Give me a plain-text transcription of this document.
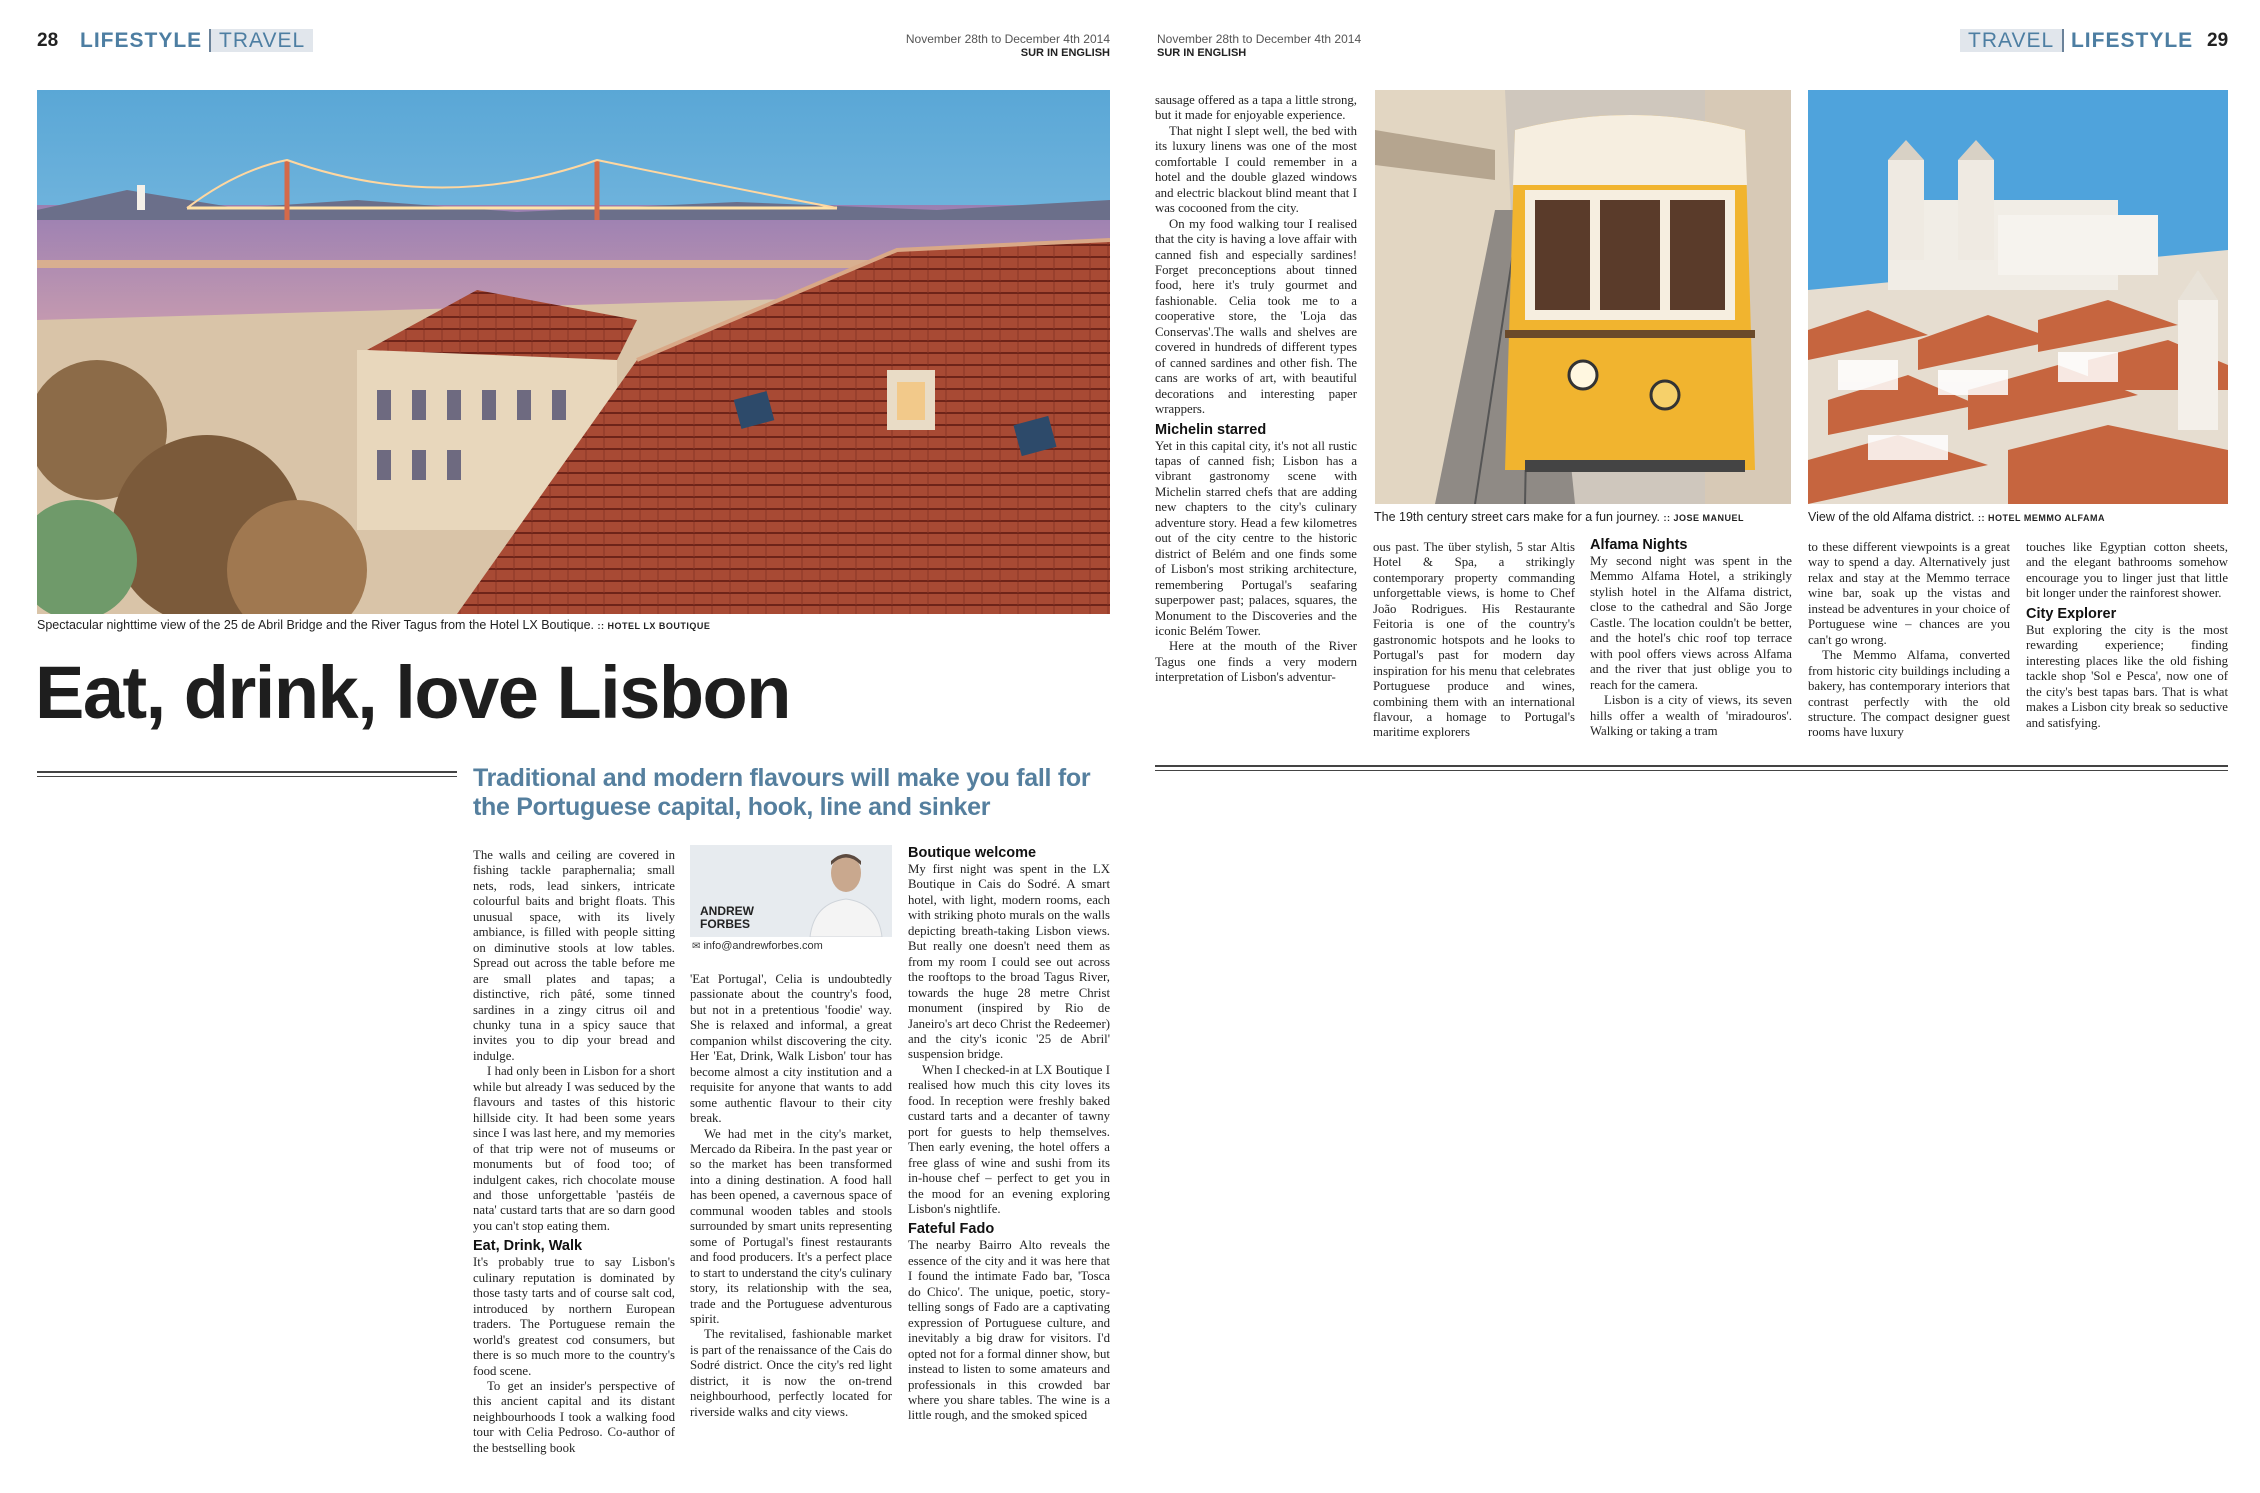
28 LIFESTYLE TRAVEL	November 28th to December 4th 2014
SUR IN ENGLISH
November 28th to December 4th 2014
SUR IN ENGLISH
TRAVEL LIFESTYLE 29
Spectacular nighttime view of the 25 de Abril Bridge and the River Tagus from the Hotel LX Boutique. :: HOTEL LX BOUTIQUE
Eat, drink, love Lisbon
Traditional and modern flavours will make you fall for the Portuguese capital, hook, line and sinker

The walls and ceiling are covered in fishing tackle paraphernalia; small nets, rods, lead sinkers, intricate colourful baits and bright floats. This unusual space, with its lively ambiance, is filled with people sitting on diminutive stools at low tables. Spread out across the table before me are small plates and tapas; a distinctive, rich pâté, some tinned sardines in a zingy citrus oil and chunky tuna in a spicy sauce that invites you to dip your bread and indulge.

I had only been in Lisbon for a short while but already I was seduced by the flavours and tastes of this historic hillside city. It had been some years since I was last here, and my memories of that trip were not of museums or monuments but of food too; of indulgent cakes, rich chocolate mouse and those unforgettable 'pastéis de nata' custard tarts that are so darn good you can't stop eating them.

Eat, Drink, Walk

It's probably true to say Lisbon's culinary reputation is dominated by those tasty tarts and of course salt cod, introduced by northern European traders. The Portuguese remain the world's greatest cod consumers, but there is so much more to the country's food scene.

To get an insider's perspective of this ancient capital and its distant neighbourhoods I took a walking food tour with Celia Pedroso. Co-author of the bestselling book

ANDREW
FORBES
✉ info@andrewforbes.com

'Eat Portugal', Celia is undoubtedly passionate about the country's food, but not in a pretentious 'foodie' way. She is relaxed and informal, a great companion whilst discovering the city. Her 'Eat, Drink, Walk Lisbon' tour has become almost a city institution and a requisite for anyone that wants to add some authentic flavour to their city break.

We had met in the city's market, Mercado da Ribeira. In the past year or so the market has been transformed into a dining destination. A food hall has been opened, a cavernous space of communal wooden tables and stools surrounded by smart units representing some of Portugal's finest restaurants and food producers. It's a perfect place to start to understand the city's culinary story, its relationship with the sea, trade and the Portuguese adventurous spirit.

The revitalised, fashionable market is part of the renaissance of the Cais do Sodré district. Once the city's red light district, it is now the on-trend neighbourhood, perfectly located for riverside walks and city views.

Boutique welcome

My first night was spent in the LX Boutique in Cais do Sodré. A smart hotel, with light, modern rooms, each with striking photo murals on the walls depicting breath-taking Lisbon views. But really one doesn't need them as from my room I could see out across the rooftops to the broad Tagus River, towards the huge 28 metre Christ monument (inspired by Rio de Janeiro's art deco Christ the Redeemer) and the city's iconic '25 de Abril' suspension bridge.

When I checked-in at LX Boutique I realised how much this city loves its food. In reception were freshly baked custard tarts and a decanter of tawny port for guests to help themselves. Then early evening, the hotel offers a free glass of wine and sushi from its in-house chef – perfect to get you in the mood for an evening exploring Lisbon's nightlife.

Fateful Fado

The nearby Bairro Alto reveals the essence of the city and it was here that I found the intimate Fado bar, 'Tosca do Chico'. The unique, poetic, story-telling songs of Fado are a captivating expression of Portuguese culture, and inevitably a big draw for visitors. I'd opted not for a formal dinner show, but instead to listen to some amateurs and professionals in this crowded bar where you share tables. The wine is a little rough, and the smoked spiced

sausage offered as a tapa a little strong, but it made for enjoyable experience.

That night I slept well, the bed with its luxury linens was one of the most comfortable I could remember in a hotel and the double glazed windows and electric blackout blind meant that I was cocooned from the city.

On my food walking tour I realised that the city is having a love affair with canned fish and especially sardines! Forget preconceptions about tinned food, here it's truly gourmet and fashionable. Celia took me to a cooperative store, the 'Loja das Conservas'.The walls and shelves are covered in hundreds of different types of canned sardines and other fish. The cans are works of art, with beautiful decorations and interesting paper wrappers.

Michelin starred

Yet in this capital city, it's not all rustic tapas of canned fish; Lisbon has a vibrant gastronomy scene with Michelin starred chefs that are adding new chapters to the city's culinary adventure story. Head a few kilometres out of the city centre to the historic district of Belém and one finds some of Lisbon's most striking architecture, remembering Portugal's seafaring superpower past; palaces, squares, the Monument to the Discoveries and the iconic Belém Tower.

Here at the mouth of the River Tagus one finds a very modern interpretation of Lisbon's adventur-

The 19th century street cars make for a fun journey. :: JOSE MANUEL	View of the old Alfama district. :: HOTEL MEMMO ALFAMA

ous past. The über stylish, 5 star Altis Hotel & Spa, a strikingly contemporary property commanding unforgettable views, is home to Chef João Rodrigues. His Restaurante Feitoria is one of the country's gastronomic hotspots and he looks to Portugal's past for modern day inspiration for his menu that celebrates Portuguese produce and wines, combining them with an international flavour, a homage to Portugal's maritime explorers

Alfama Nights

My second night was spent in the Memmo Alfama Hotel, a strikingly stylish hotel in the Alfama district, close to the cathedral and São Jorge Castle. The location couldn't be better, and the hotel's chic roof top terrace with pool offers views across Alfama and the river that just oblige you to reach for the camera.

Lisbon is a city of views, its seven hills offer a wealth of 'miradouros'. Walking or taking a tram

to these different viewpoints is a great way to spend a day. Alternatively just relax and stay at the Memmo terrace wine bar, soak up the vistas and instead be adventures in your choice of Portuguese wine – chances are you can't go wrong.

The Memmo Alfama, converted from historic city buildings including a bakery, has contemporary interiors that contrast perfectly with the old structure. The compact designer guest rooms have luxury

touches like Egyptian cotton sheets, and the elegant bathrooms somehow encourage you to linger just that little bit longer under the rainforest shower.

City Explorer

But exploring the city is the most rewarding experience; finding interesting places like the old fishing tackle shop 'Sol e Pesca', now one of the city's best tapas bars. That is what makes a Lisbon city break so seductive and satisfying.
